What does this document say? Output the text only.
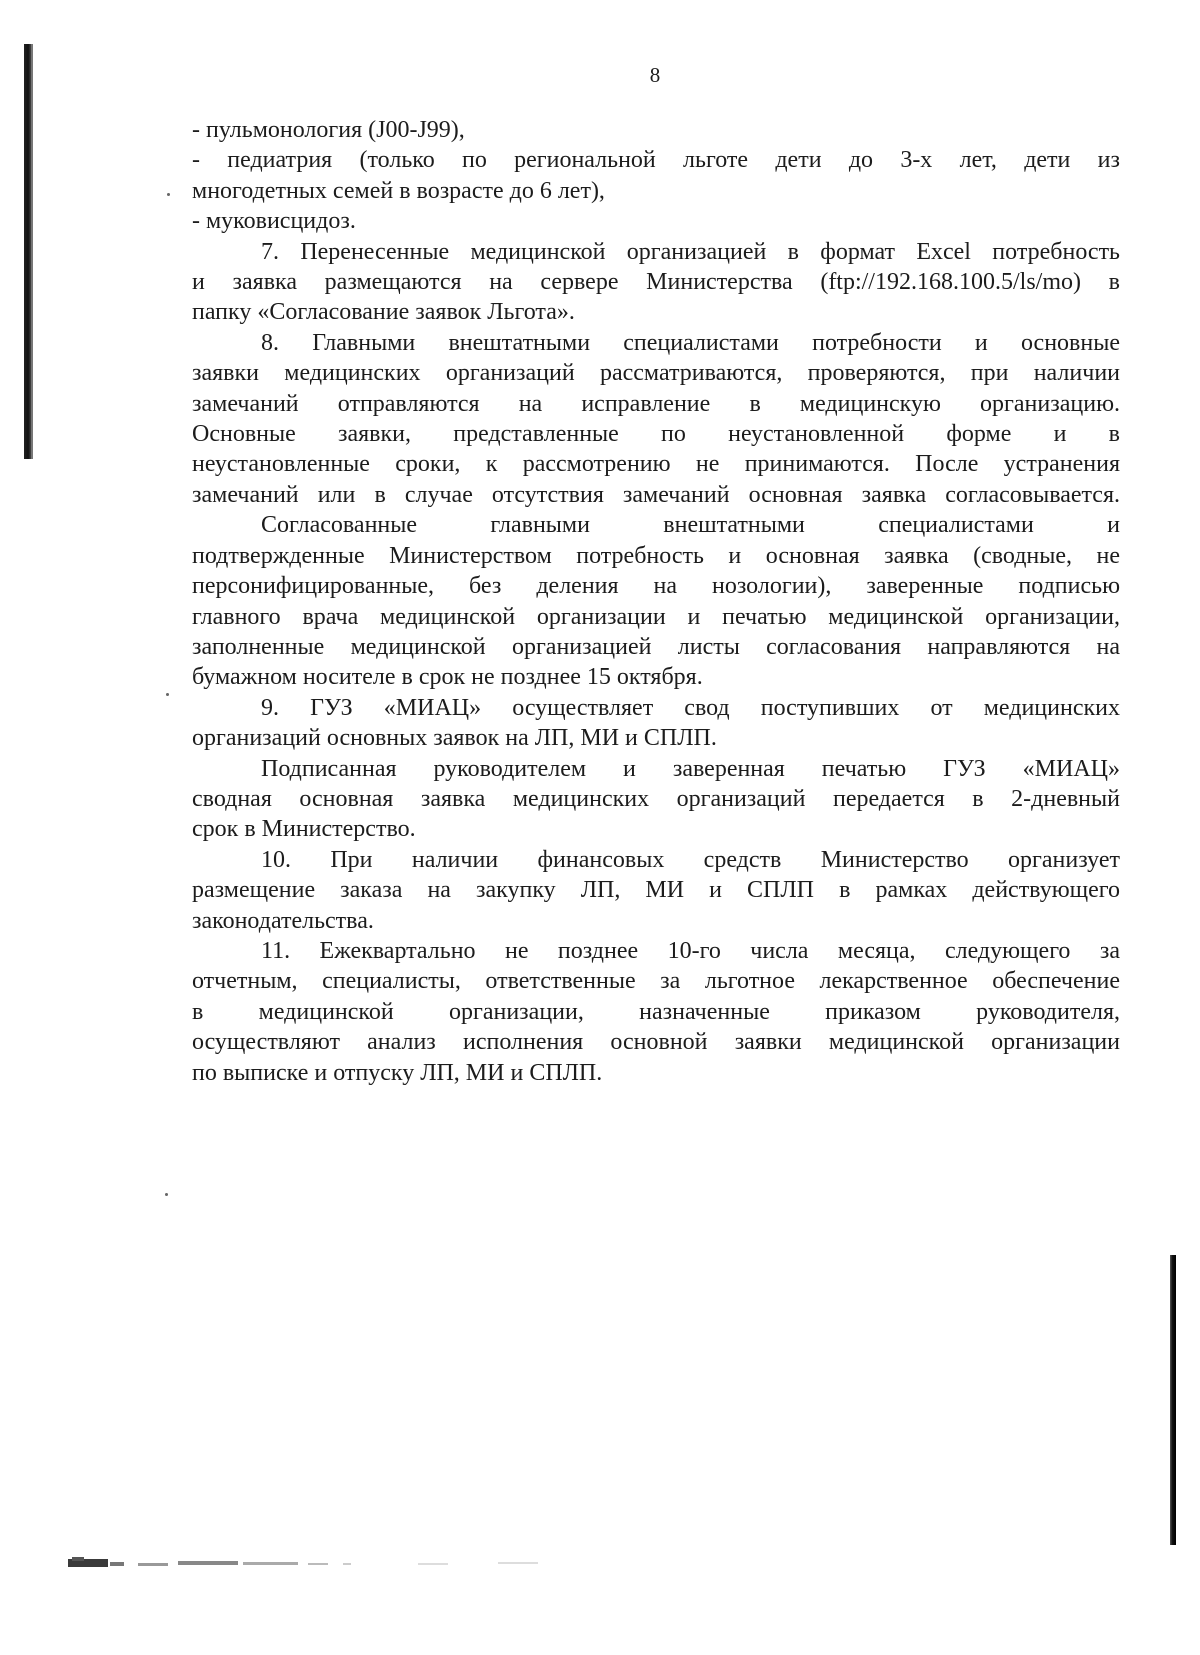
8
- пульмонология (J00-J99),
- педиатрия (только по региональной льготе дети до 3-х лет, дети из
многодетных семей в возрасте до 6 лет),
- муковисцидоз.
7. Перенесенные медицинской организацией в формат Excel потребность
и заявка размещаются на сервере Министерства (ftp://192.168.100.5/ls/mo) в
папку «Согласование заявок Льгота».
8. Главными внештатными специалистами потребности и основные
заявки медицинских организаций рассматриваются, проверяются, при наличии
замечаний отправляются на исправление в медицинскую организацию.
Основные заявки, представленные по неустановленной форме и в
неустановленные сроки, к рассмотрению не принимаются. После устранения
замечаний или в случае отсутствия замечаний основная заявка согласовывается.
Согласованные главными внештатными специалистами и
подтвержденные Министерством потребность и основная заявка (сводные, не
персонифицированные, без деления на нозологии), заверенные подписью
главного врача медицинской организации и печатью медицинской организации,
заполненные медицинской организацией листы согласования направляются на
бумажном носителе в срок не позднее 15 октября.
9. ГУЗ «МИАЦ» осуществляет свод поступивших от медицинских
организаций основных заявок на ЛП, МИ и СПЛП.
Подписанная руководителем и заверенная печатью ГУЗ «МИАЦ»
сводная основная заявка медицинских организаций передается в 2-дневный
срок в Министерство.
10. При наличии финансовых средств Министерство организует
размещение заказа на закупку ЛП, МИ и СПЛП в рамках действующего
законодательства.
11. Ежеквартально не позднее 10-го числа месяца, следующего за
отчетным, специалисты, ответственные за льготное лекарственное обеспечение
в медицинской организации, назначенные приказом руководителя,
осуществляют анализ исполнения основной заявки медицинской организации
по выписке и отпуску ЛП, МИ и СПЛП.
